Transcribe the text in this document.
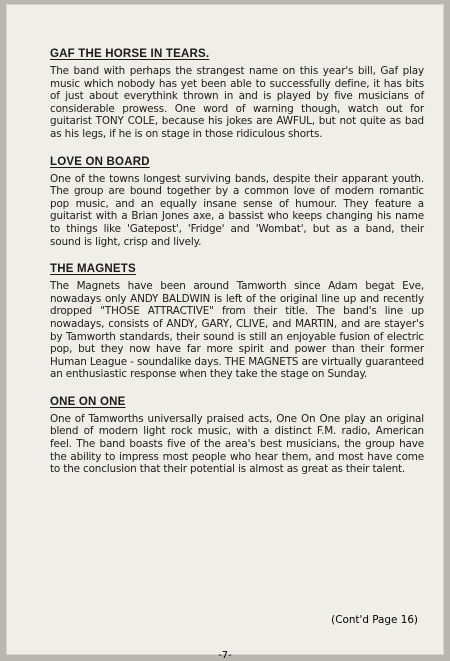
GAF THE HORSE IN TEARS.

The band with perhaps the strangest name on this year's bill, Gaf play music which nobody has yet been able to successfully define, it has bits of just about everythink thrown in and is played by five musicians of considerable prowess. One word of warning though, watch out for guitarist TONY COLE, because his jokes are AWFUL, but not quite as bad as his legs, if he is on stage in those ridiculous shorts.

LOVE ON BOARD

One of the towns longest surviving bands, despite their apparant youth. The group are bound together by a common love of modern romantic pop music, and an equally insane sense of humour. They feature a guitarist with a Brian Jones axe, a bassist who keeps changing his name to things like 'Gatepost', 'Fridge' and 'Wombat', but as a band, their sound is light, crisp and lively.

THE MAGNETS

The Magnets have been around Tamworth since Adam begat Eve, nowadays only ANDY BALDWIN is left of the original line up and recently dropped "THOSE ATTRACTIVE" from their title. The band's line up nowadays, consists of ANDY, GARY, CLIVE, and MARTIN, and are stayer's by Tamworth standards, their sound is still an enjoyable fusion of electric pop, but they now have far more spirit and power than their former Human League - soundalike days. THE MAGNETS are virtually guaranteed an enthusiastic response when they take the stage on Sunday.

ONE ON ONE

One of Tamworths universally praised acts, One On One play an original blend of modern light rock music, with a distinct F.M. radio, American feel. The band boasts five of the area's best musicians, the group have the ability to impress most people who hear them, and most have come to the conclusion that their potential is almost as great as their talent.

(Cont'd Page 16)
-7-
